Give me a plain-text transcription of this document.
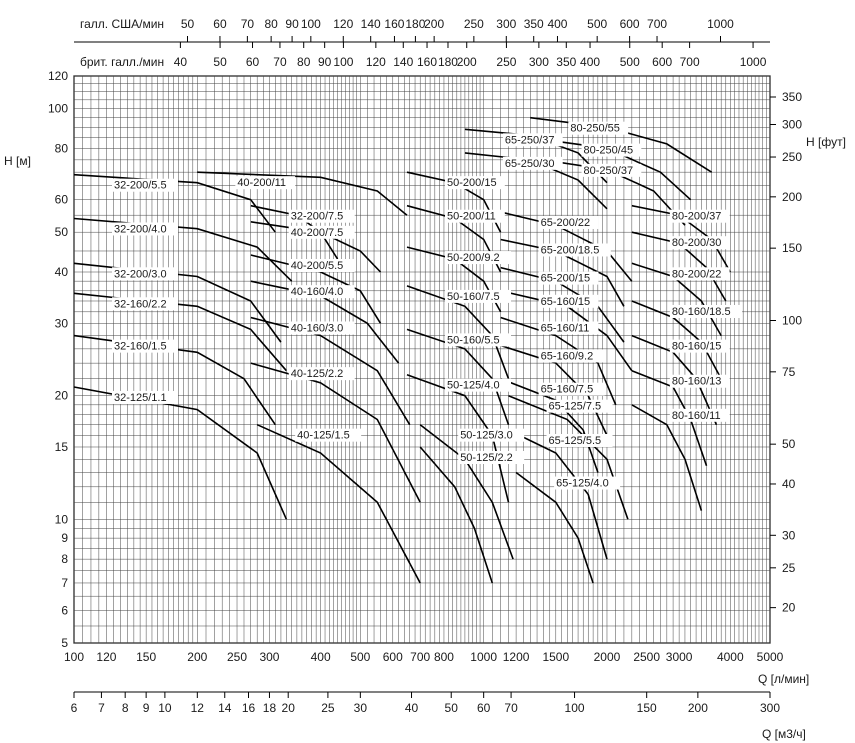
32-200/5.5
32-200/4.0
32-200/3.0
32-160/2.2
32-160/1.5
32-125/1.1
32-200/7.5
40-200/11
40-200/7.5
40-200/5.5
40-160/4.0
40-160/3.0
40-125/2.2
40-125/1.5
50-200/15
50-200/11
50-200/9.2
50-160/7.5
50-160/5.5
50-125/4.0
50-125/3.0
50-125/2.2
65-250/37
65-250/30
65-200/22
65-200/18.5
65-200/15
65-160/15
65-160/11
65-160/9.2
65-160/7.5
65-125/7.5
65-125/5.5
65-125/4.0
80-250/55
80-250/45
80-250/37
80-200/37
80-200/30
80-200/22
80-160/18.5
80-160/15
80-160/13
80-160/11
100 120 150	200 250 300	400 500 600 700 800 1000 1200 1500 2000 2500 3000 4000 5000
5
6
7
8
9
10
15
20
30
40
50
60
80
100
120
20
25
30
40
50
75
100
150
200
250
300
350
6 7 8 9 10 12 14 16 18 20 25 30	40 50 60 70	100	150	200	300
50 60 70 80 90 100 120 140 160 180
200 250 300 350 400 500 600 700	1000
40 50 60 70 80 90 100 120 140 160 180
200 250 300 350 400 500 600 700	1000
H [м]
H [фут]
Q [л/мин]
Q [м3/ч]
галл. США/мин
брит. галл./мин
